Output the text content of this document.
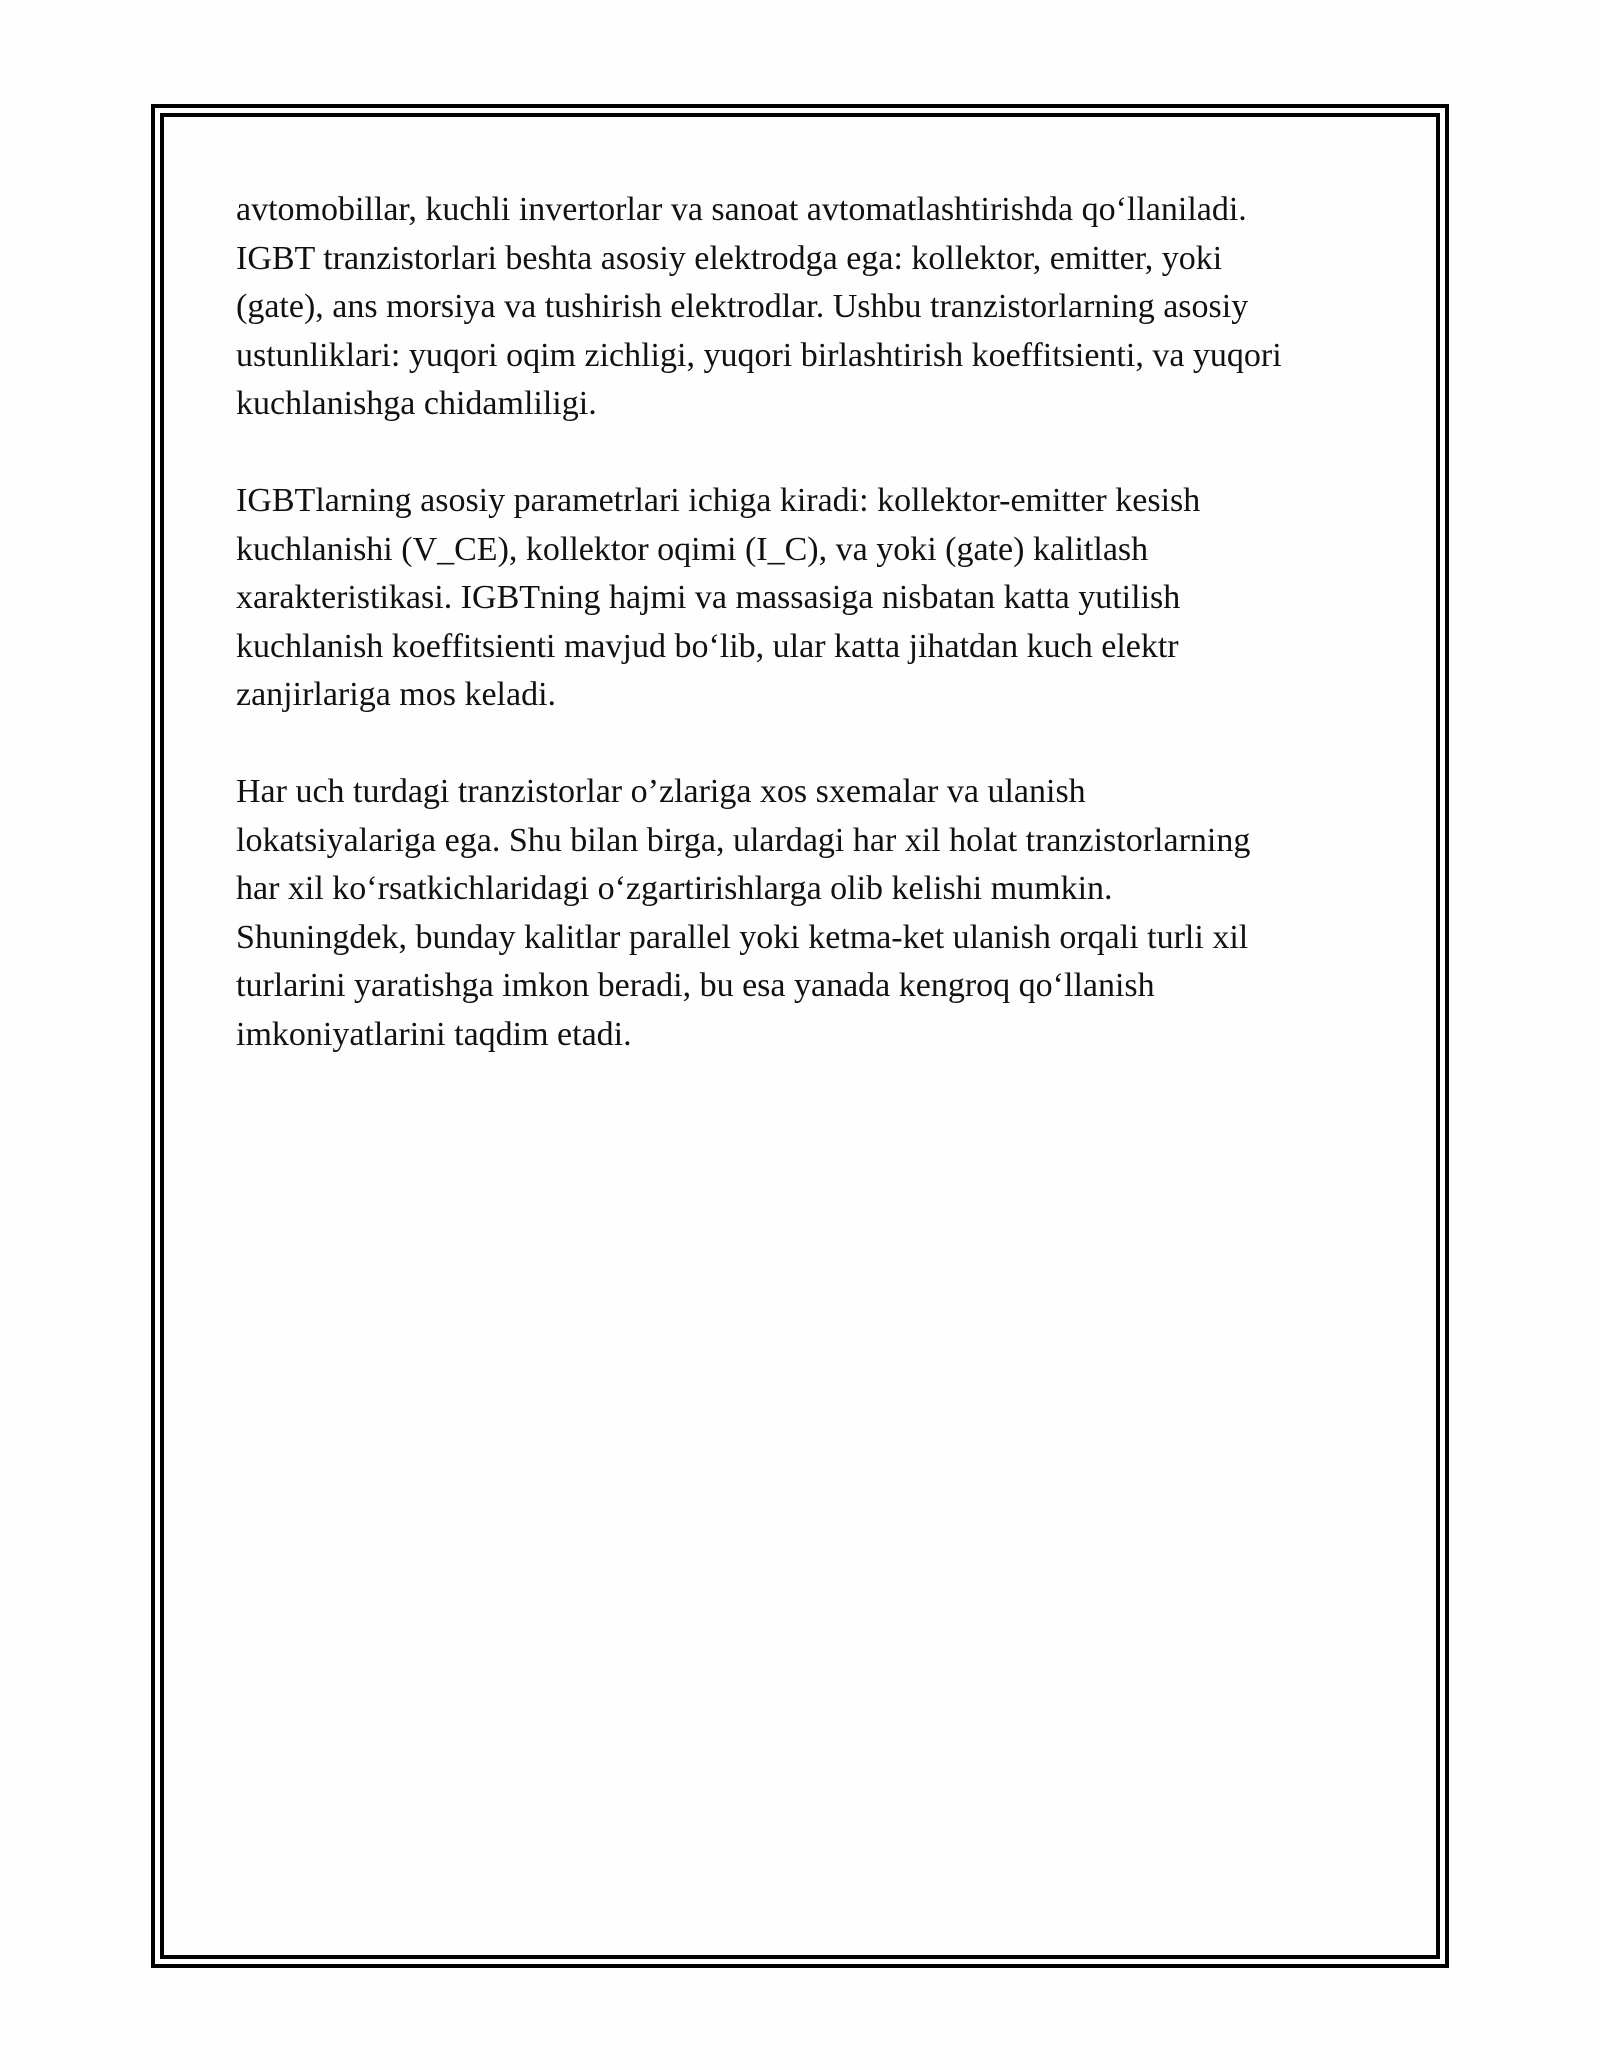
avtomobillar, kuchli invertorlar va sanoat avtomatlashtirishda qo‘llaniladi.
IGBT tranzistorlari beshta asosiy elektrodga ega: kollektor, emitter, yoki
(gate), ans morsiya va tushirish elektrodlar. Ushbu tranzistorlarning asosiy
ustunliklari: yuqori oqim zichligi, yuqori birlashtirish koeffitsienti, va yuqori
kuchlanishga chidamliligi.

IGBTlarning asosiy parametrlari ichiga kiradi: kollektor-emitter kesish
kuchlanishi (V_CE), kollektor oqimi (I_C), va yoki (gate) kalitlash
xarakteristikasi. IGBTning hajmi va massasiga nisbatan katta yutilish
kuchlanish koeffitsienti mavjud bo‘lib, ular katta jihatdan kuch elektr
zanjirlariga mos keladi.

Har uch turdagi tranzistorlar o’zlariga xos sxemalar va ulanish
lokatsiyalariga ega. Shu bilan birga, ulardagi har xil holat tranzistorlarning
har xil ko‘rsatkichlaridagi o‘zgartirishlarga olib kelishi mumkin.
Shuningdek, bunday kalitlar parallel yoki ketma-ket ulanish orqali turli xil
turlarini yaratishga imkon beradi, bu esa yanada kengroq qo‘llanish
imkoniyatlarini taqdim etadi.
